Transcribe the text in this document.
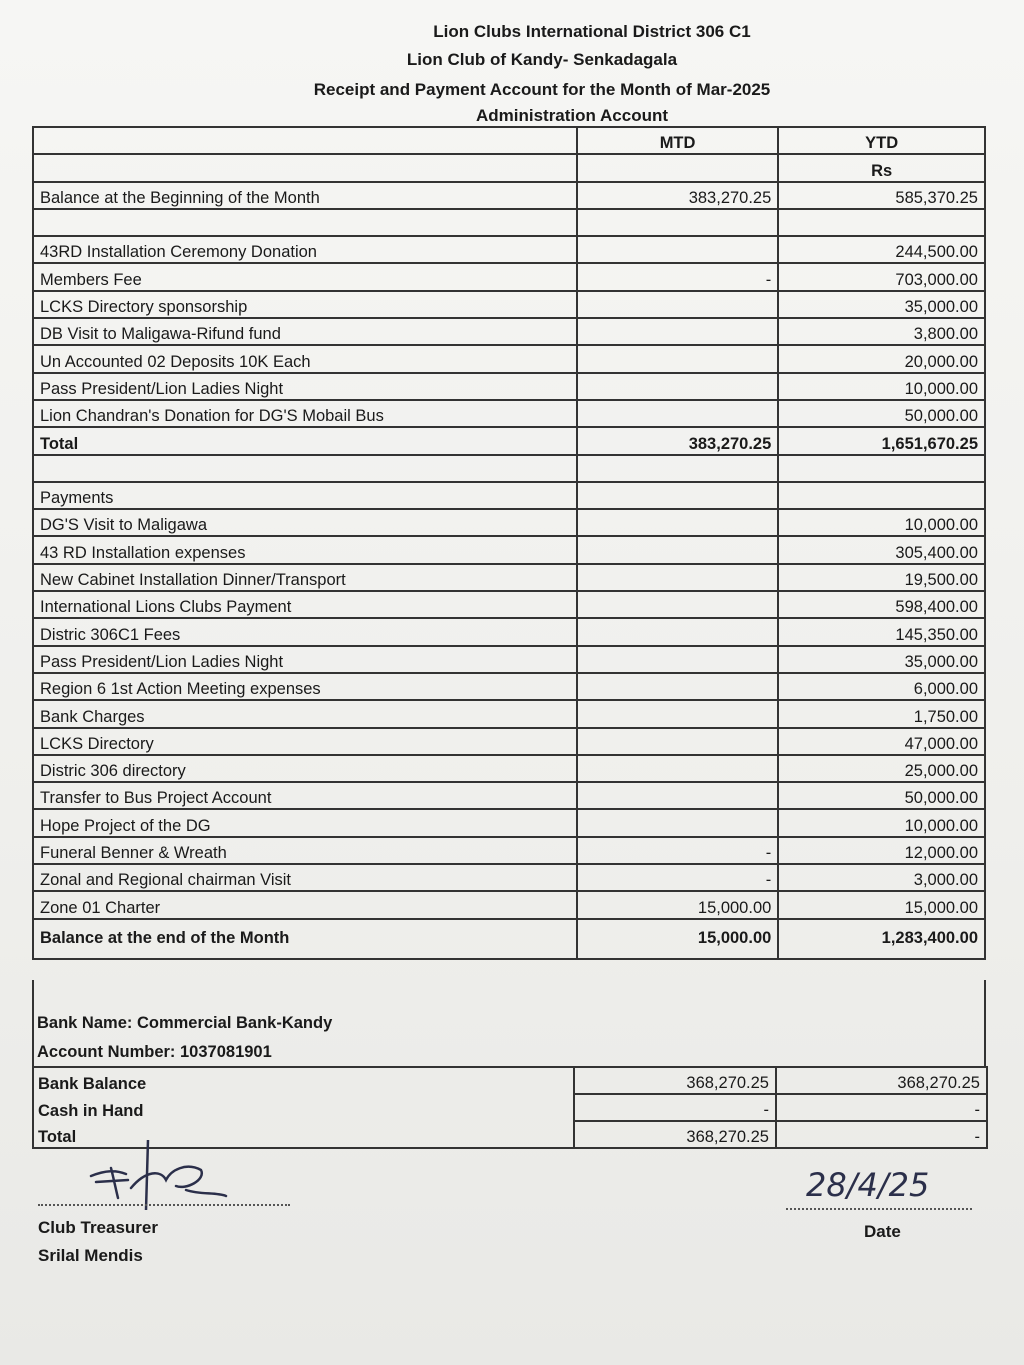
Lion Clubs International District 306 C1
Lion Club of Kandy- Senkadagala
Receipt and Payment Account for the Month of Mar-2025
Administration Account
	MTD	YTD
		Rs
Balance at the Beginning of the Month	383,270.25	585,370.25

43RD Installation Ceremony Donation		244,500.00
Members Fee	-	703,000.00
LCKS Directory sponsorship		35,000.00
DB Visit to Maligawa-Rifund fund		3,800.00
Un Accounted 02 Deposits 10K Each		20,000.00
Pass President/Lion Ladies Night		10,000.00
Lion Chandran's Donation for DG'S Mobail Bus		50,000.00
Total	383,270.25	1,651,670.25

Payments		
DG'S Visit to Maligawa		10,000.00
43 RD Installation expenses		305,400.00
New Cabinet Installation Dinner/Transport		19,500.00
International Lions Clubs Payment		598,400.00
Distric 306C1 Fees		145,350.00
Pass President/Lion Ladies Night		35,000.00
Region 6 1st Action Meeting expenses		6,000.00
Bank Charges		1,750.00
LCKS Directory		47,000.00
Distric 306 directory		25,000.00
Transfer to Bus Project Account		50,000.00
Hope Project of the DG		10,000.00
Funeral Benner & Wreath	-	12,000.00
Zonal and Regional chairman Visit	-	3,000.00
Zone 01 Charter	15,000.00	15,000.00
Balance at the end of the Month	15,000.00	1,283,400.00
Bank Name: Commercial Bank-Kandy
Account Number: 1037081901
Bank Balance	368,270.25	368,270.25
Cash in Hand	-	-
Total	368,270.25	-
Club Treasurer
Srilal Mendis
28/4/25
Date
